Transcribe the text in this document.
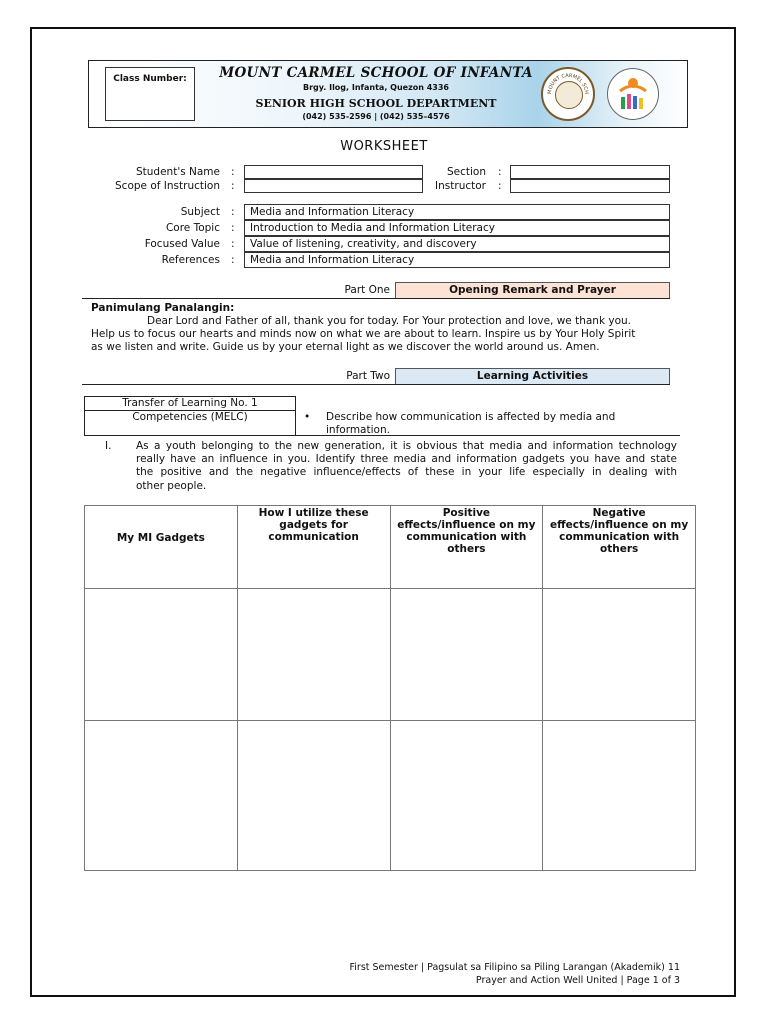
Class Number:	MOUNT CARMEL SCHOOL OF INFANTA
Brgy. Ilog, Infanta, Quezon 4336
SENIOR HIGH SCHOOL DEPARTMENT
(042) 535-2596 | (042) 535–4576
MOUNT CARMEL SCH
WORKSHEET
Student's Name :
Scope of Instruction :
Section :
Instructor :
Subject :	Media and Information Literacy
Core Topic :	Introduction to Media and Information Literacy
Focused Value :	Value of listening, creativity, and discovery
References :	Media and Information Literacy
Part One	Opening Remark and Prayer
Panimulang Panalangin:
Dear Lord and Father of all, thank you for today. For Your protection and love, we thank you.
Help us to focus our hearts and minds now on what we are about to learn. Inspire us by Your Holy Spirit
as we listen and write. Guide us by your eternal light as we discover the world around us. Amen.
Part Two	Learning Activities
Transfer of Learning No. 1
Competencies (MELC)	• Describe how communication is affected by media and
information.
I. As a youth belonging to the new generation, it is obvious that media and information technology
really have an influence in you. Identify three media and information gadgets you have and state
the positive and the negative influence/effects of these in your life especially in dealing with
other people.
My MI Gadgets	How I utilize these gadgets for communication	Positive effects/influence on my communication with others	Negative effects/influence on my communication with others

First Semester | Pagsulat sa Filipino sa Piling Larangan (Akademik) 11
Prayer and Action Well United | Page 1 of 3
